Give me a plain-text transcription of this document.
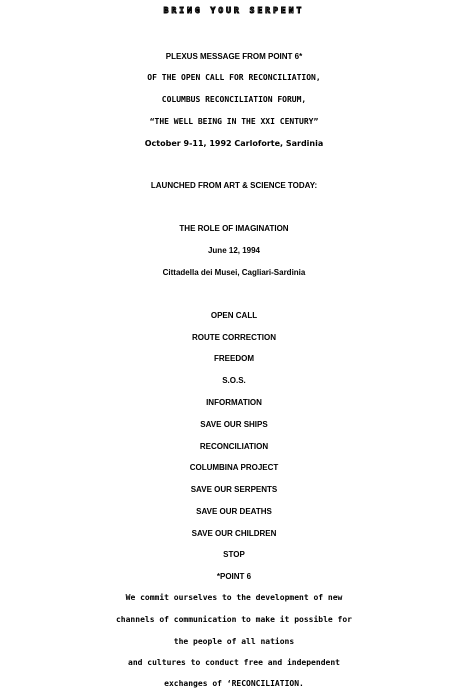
BRING YOUR SERPENT
PLEXUS MESSAGE FROM POINT 6*
OF THE OPEN CALL FOR RECONCILIATION,
COLUMBUS RECONCILIATION FORUM,
“THE WELL BEING IN THE XXI CENTURY”
October 9-11, 1992 Carloforte, Sardinia
LAUNCHED FROM ART & SCIENCE TODAY:
THE ROLE OF IMAGINATION
June 12, 1994
Cittadella dei Musei, Cagliari-Sardinia
OPEN CALL
ROUTE CORRECTION
FREEDOM
S.O.S.
INFORMATION
SAVE OUR SHIPS
RECONCILIATION
COLUMBINA PROJECT
SAVE OUR SERPENTS
SAVE OUR DEATHS
SAVE OUR CHILDREN
STOP
*POINT 6
We commit ourselves to the development of new
channels of communication to make it possible for
the people of all nations
and cultures to conduct free and independent
exchanges of ‘RECONCILIATION.
